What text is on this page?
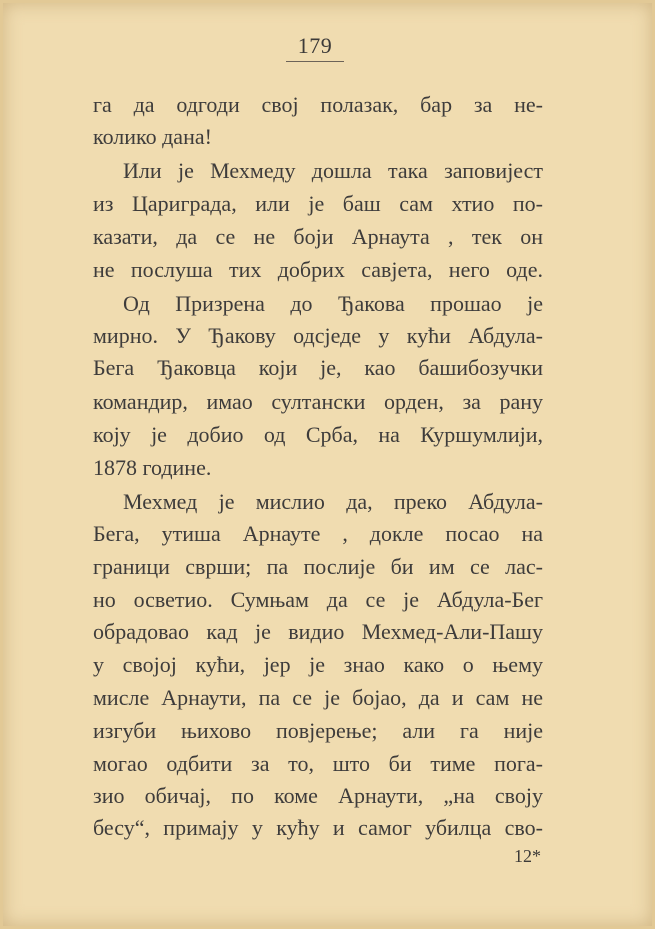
179
га да одгоди свој полазак, бар за не-
колико дана!
Или је Мехмеду дошла така заповијест
из Цариграда, или је баш сам хтио по-
казати, да се не боји Арнаута , тек он
не послуша тих добрих савјета, него оде.
Од Призрена до Ђакова прошао је
мирно. У Ђакову одсједе у кући Абдула-
Бега Ђаковца који је, као башибозучки
командир, имао султански орден, за рану
коју је добио од Срба, на Куршумлији,
1878 године.
Мехмед је мислио да, преко Абдула-
Бега, утиша Арнауте , докле посао на
граници сврши; па послије би им се лас-
но осветио. Сумњам да се је Абдула-Бег
обрадовао кад је видио Мехмед-Али-Пашу
у својој кући, јер је знао како о њему
мисле Арнаути, па се је бојао, да и сам не
изгуби њихово повјерење; али га није
могао одбити за то, што би тиме пога-
зио обичај, по коме Арнаути, „на своју
бесу“, примају у кућу и самог убилца сво-
12*
